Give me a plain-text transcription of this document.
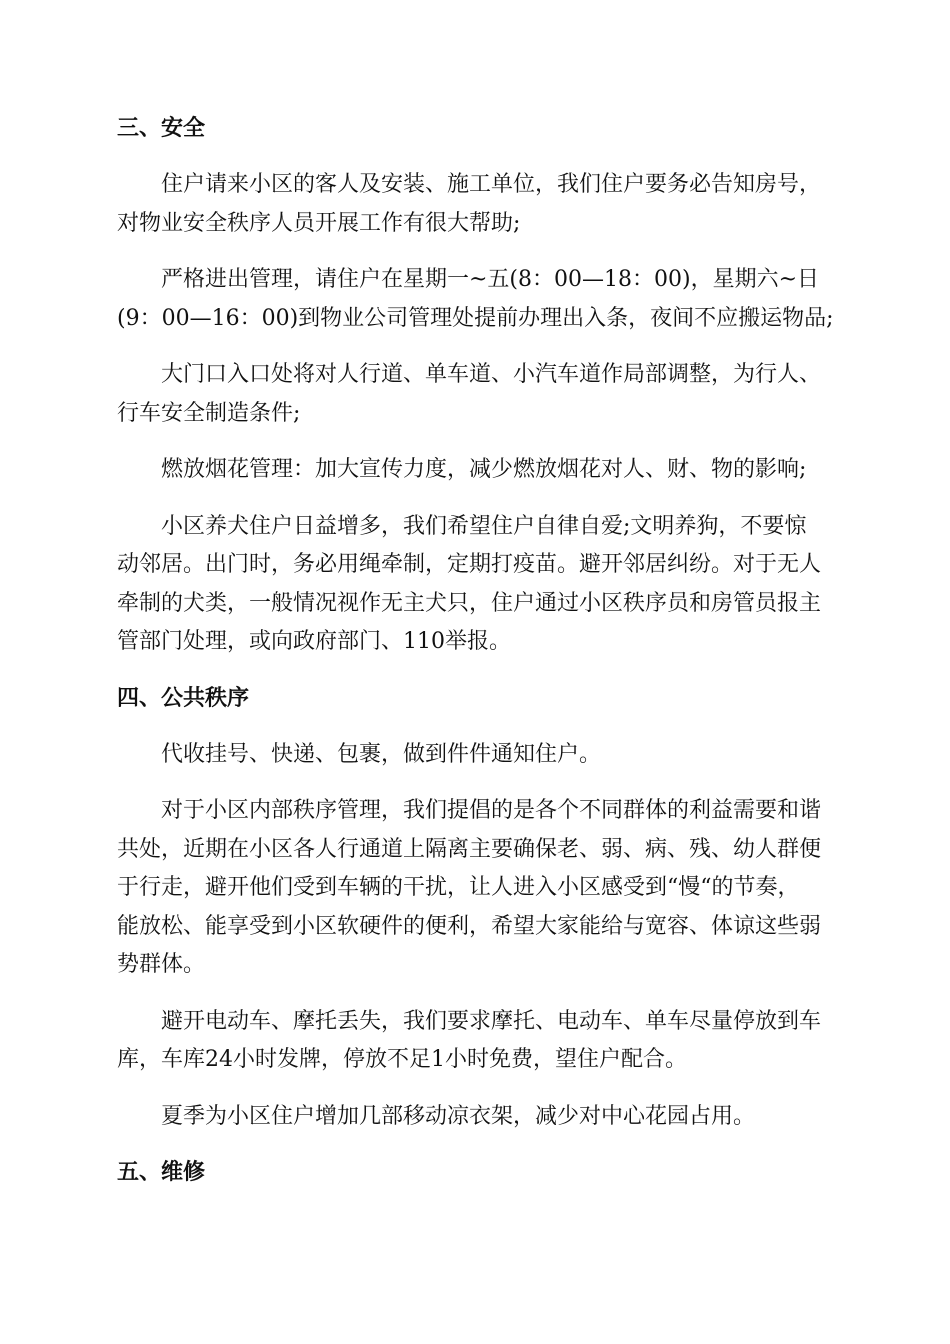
三、安全
住户请来小区的客人及安装、施工单位，我们住户要务必告知房号，
对物业安全秩序人员开展工作有很大帮助;
严格进出管理，请住户在星期一~五(8：00—18：00)，星期六~日
(9：00—16：00)到物业公司管理处提前办理出入条，夜间不应搬运物品;
大门口入口处将对人行道、单车道、小汽车道作局部调整，为行人、
行车安全制造条件;
燃放烟花管理：加大宣传力度，减少燃放烟花对人、财、物的影响;
小区养犬住户日益增多，我们希望住户自律自爱;文明养狗，不要惊
动邻居。出门时，务必用绳牵制，定期打疫苗。避开邻居纠纷。对于无人
牵制的犬类，一般情况视作无主犬只，住户通过小区秩序员和房管员报主
管部门处理，或向政府部门、110举报。
四、公共秩序
代收挂号、快递、包裹，做到件件通知住户。
对于小区内部秩序管理，我们提倡的是各个不同群体的利益需要和谐
共处，近期在小区各人行通道上隔离主要确保老、弱、病、残、幼人群便
于行走，避开他们受到车辆的干扰，让人进入小区感受到“慢“的节奏，
能放松、能享受到小区软硬件的便利，希望大家能给与宽容、体谅这些弱
势群体。
避开电动车、摩托丢失，我们要求摩托、电动车、单车尽量停放到车
库，车库24小时发牌，停放不足1小时免费，望住户配合。
夏季为小区住户增加几部移动凉衣架，减少对中心花园占用。
五、维修
